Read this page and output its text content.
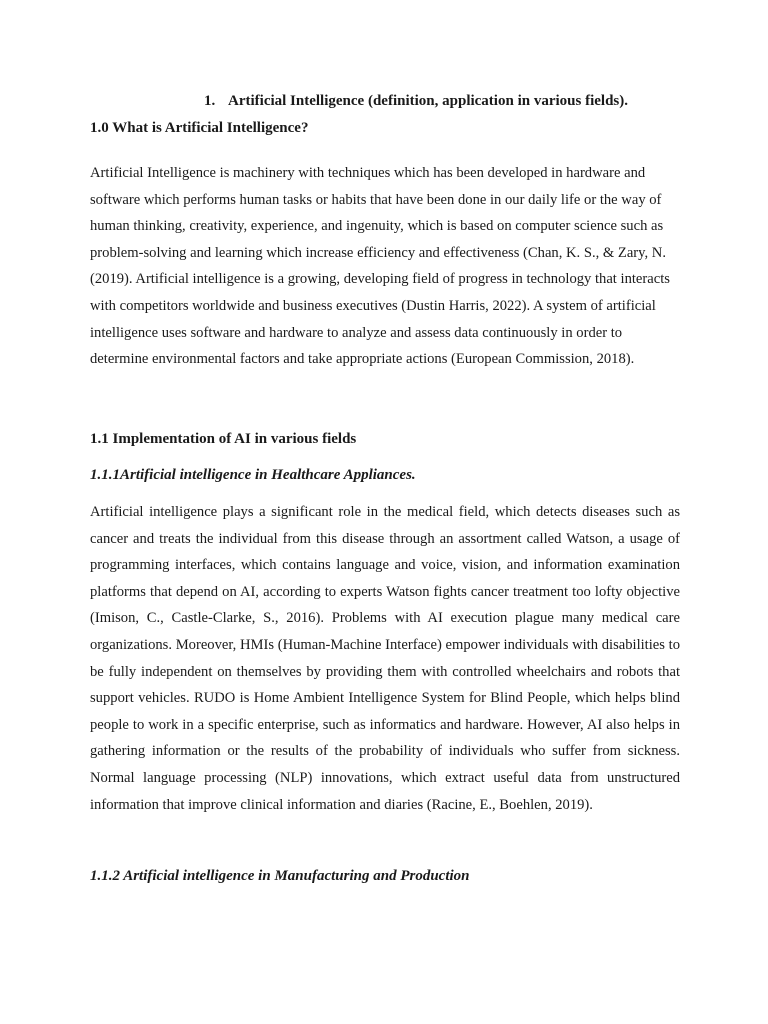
1. Artificial Intelligence (definition, application in various fields).
1.0 What is Artificial Intelligence?

Artificial Intelligence is machinery with techniques which has been developed in hardware and software which performs human tasks or habits that have been done in our daily life or the way of human thinking, creativity, experience, and ingenuity, which is based on computer science such as problem-solving and learning which increase efficiency and effectiveness (Chan, K. S., & Zary, N. (2019). Artificial intelligence is a growing, developing field of progress in technology that interacts with competitors worldwide and business executives (Dustin Harris, 2022). A system of artificial intelligence uses software and hardware to analyze and assess data continuously in order to determine environmental factors and take appropriate actions (European Commission, 2018).

1.1 Implementation of AI in various fields
1.1.1Artificial intelligence in Healthcare Appliances.

Artificial intelligence plays a significant role in the medical field, which detects diseases such as cancer and treats the individual from this disease through an assortment called Watson, a usage of programming interfaces, which contains language and voice, vision, and information examination platforms that depend on AI, according to experts Watson fights cancer treatment too lofty objective (Imison, C., Castle-Clarke, S., 2016). Problems with AI execution plague many medical care organizations. Moreover, HMIs (Human-Machine Interface) empower individuals with disabilities to be fully independent on themselves by providing them with controlled wheelchairs and robots that support vehicles. RUDO is Home Ambient Intelligence System for Blind People, which helps blind people to work in a specific enterprise, such as informatics and hardware. However, AI also helps in gathering information or the results of the probability of individuals who suffer from sickness. Normal language processing (NLP) innovations, which extract useful data from unstructured information that improve clinical information and diaries (Racine, E., Boehlen, 2019).

1.1.2 Artificial intelligence in Manufacturing and Production
